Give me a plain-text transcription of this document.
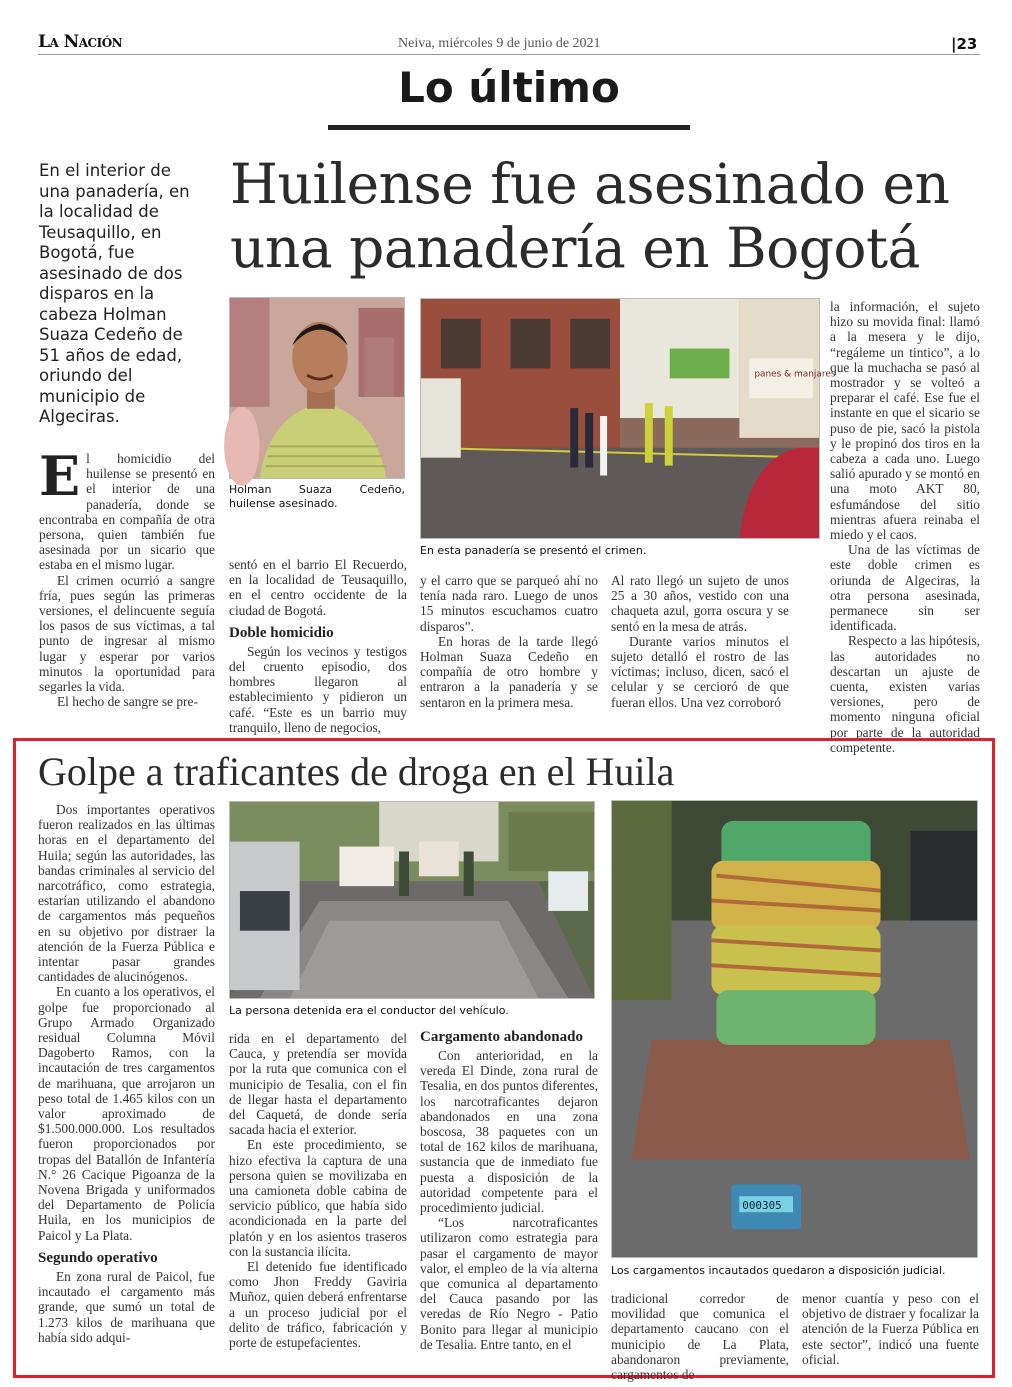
La Nación	Neiva, miércoles 9 de junio de 2021	|23
Lo último
Huilense fue asesinado en
una panadería en Bogotá
En el interior de una panadería, en la localidad de Teusaquillo, en Bogotá, fue asesinado de dos disparos en la cabeza Holman Suaza Cedeño de 51 años de edad, oriundo del municipio de Algeciras.
E l homicidio del huilense se presentó en el interior de una panadería, donde se encontraba en compañía de otra persona, quien también fue asesinada por un sicario que estaba en el mismo lugar.

El crimen ocurrió a sangre fría, pues según las primeras versiones, el delincuente seguía los pasos de sus víctimas, a tal punto de ingresar al mismo lugar y esperar por varios minutos la oportunidad para segarles la vida.

El hecho de sangre se pre-

Holman Suaza Cedeño, huilense asesinado.
panes & manjares
En esta panadería se presentó el crimen.

sentó en el barrio El Recuerdo, en la localidad de Teusaquillo, en el centro occidente de la ciudad de Bogotá.

Doble homicidio

Según los vecinos y testigos del cruento episodio, dos hombres llegaron al establecimiento y pidieron un café. “Este es un barrio muy tranquilo, lleno de negocios,

y el carro que se parqueó ahí no tenía nada raro. Luego de unos 15 minutos escuchamos cuatro disparos”.

En horas de la tarde llegó Holman Suaza Cedeño en compañía de otro hombre y entraron a la panadería y se sentaron en la primera mesa.

Al rato llegó un sujeto de unos 25 a 30 años, vestido con una chaqueta azul, gorra oscura y se sentó en la mesa de atrás.

Durante varios minutos el sujeto detalló el rostro de las víctimas; incluso, dicen, sacó el celular y se cercioró de que fueran ellos. Una vez corroboró

la información, el sujeto hizo su movida final: llamó a la mesera y le dijo, “regáleme un tintico”, a lo que la muchacha se pasó al mostrador y se volteó a preparar el café. Ese fue el instante en que el sicario se puso de pie, sacó la pistola y le propinó dos tiros en la cabeza a cada uno. Luego salió apurado y se montó en una moto AKT 80, esfumándose del sitio mientras afuera reinaba el miedo y el caos.

Una de las víctimas de este doble crimen es oriunda de Algeciras, la otra persona asesinada, permanece sin ser identificada.

Respecto a las hipótesis, las autoridades no descartan un ajuste de cuenta, existen varias versiones, pero de momento ninguna oficial por parte de la autoridad competente.

Golpe a traficantes de droga en el Huila

Dos importantes operativos fueron realizados en las últimas horas en el departamento del Huila; según las autoridades, las bandas criminales al servicio del narcotráfico, como estrategia, estarían utilizando el abandono de cargamentos más pequeños en su objetivo por distraer la atención de la Fuerza Pública e intentar pasar grandes cantidades de alucinógenos.

En cuanto a los operativos, el golpe fue proporcionado al Grupo Armado Organizado residual Columna Móvil Dagoberto Ramos, con la incautación de tres cargamentos de marihuana, que arrojaron un peso total de 1.465 kilos con un valor aproximado de $1.500.000.000. Los resultados fueron proporcionados por tropas del Batallón de Infantería N.° 26 Cacique Pigoanza de la Novena Brigada y uniformados del Departamento de Policía Huila, en los municipios de Paicol y La Plata.

Segundo operativo

En zona rural de Paicol, fue incautado el cargamento más grande, que sumó un total de 1.273 kilos de marihuana que había sido adqui-

La persona detenida era el conductor del vehículo.

rida en el departamento del Cauca, y pretendía ser movida por la ruta que comunica con el municipio de Tesalia, con el fin de llegar hasta el departamento del Caquetá, de donde sería sacada hacia el exterior.

En este procedimiento, se hizo efectiva la captura de una persona quien se movilizaba en una camioneta doble cabina de servicio público, que había sido acondicionada en la parte del platón y en los asientos traseros con la sustancia ilícita.

El detenido fue identificado como Jhon Freddy Gaviria Muñoz, quien deberá enfrentarse a un proceso judicial por el delito de tráfico, fabricación y porte de estupefacientes.

Cargamento abandonado

Con anterioridad, en la vereda El Dinde, zona rural de Tesalia, en dos puntos diferentes, los narcotraficantes dejaron abandonados en una zona boscosa, 38 paquetes con un total de 162 kilos de marihuana, sustancia que de inmediato fue puesta a disposición de la autoridad competente para el procedimiento judicial.

“Los narcotraficantes utilizaron como estrategia para pasar el cargamento de mayor valor, el empleo de la vía alterna que comunica al departamento del Cauca pasando por las veredas de Río Negro - Patio Bonito para llegar al municipio de Tesalia. Entre tanto, en el

000305
Los cargamentos incautados quedaron a disposición judicial.

tradicional corredor de movilidad que comunica el departamento caucano con el municipio de La Plata, abandonaron previamente, cargamentos de

menor cuantía y peso con el objetivo de distraer y focalizar la atención de la Fuerza Pública en este sector”, indicó una fuente oficial.
